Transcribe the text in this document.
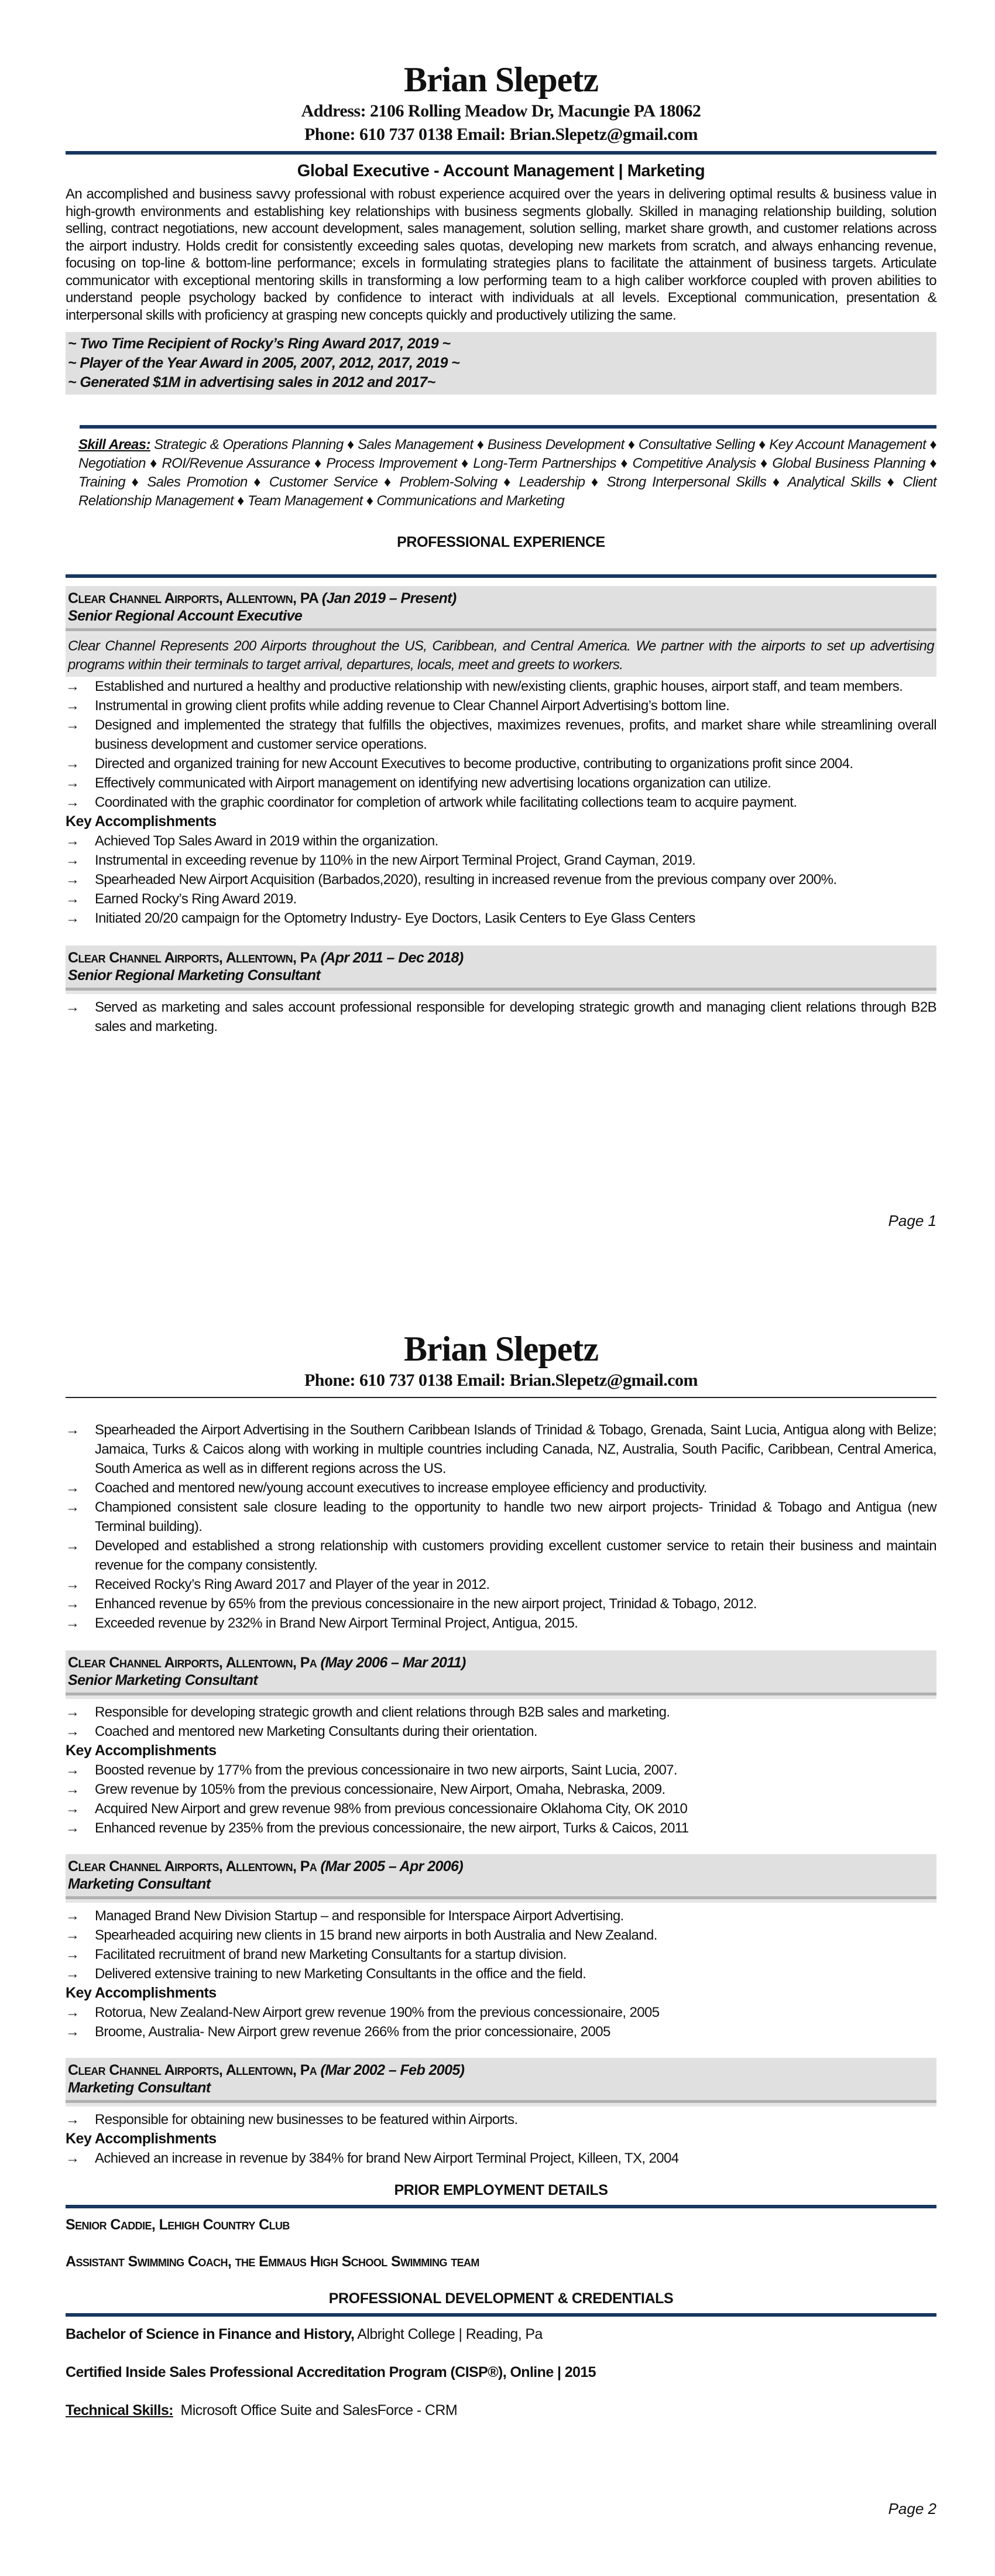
Brian Slepetz
Address: 2106 Rolling Meadow Dr, Macungie PA 18062
Phone: 610 737 0138 Email: Brian.Slepetz@gmail.com
Global Executive - Account Management | Marketing
An accomplished and business savvy professional with robust experience acquired over the years in delivering optimal results & business value in high-growth environments and establishing key relationships with business segments globally. Skilled in managing relationship building, solution selling, contract negotiations, new account development, sales management, solution selling, market share growth, and customer relations across the airport industry. Holds credit for consistently exceeding sales quotas, developing new markets from scratch, and always enhancing revenue, focusing on top-line & bottom-line performance; excels in formulating strategies plans to facilitate the attainment of business targets. Articulate communicator with exceptional mentoring skills in transforming a low performing team to a high caliber workforce coupled with proven abilities to understand people psychology backed by confidence to interact with individuals at all levels. Exceptional communication, presentation & interpersonal skills with proficiency at grasping new concepts quickly and productively utilizing the same.
~ Two Time Recipient of Rocky’s Ring Award 2017, 2019 ~
~ Player of the Year Award in 2005, 2007, 2012, 2017, 2019 ~
~ Generated $1M in advertising sales in 2012 and 2017~
Skill Areas: Strategic & Operations Planning ♦ Sales Management ♦ Business Development ♦ Consultative Selling ♦ Key Account Management ♦ Negotiation ♦ ROI/Revenue Assurance ♦ Process Improvement ♦ Long-Term Partnerships ♦ Competitive Analysis ♦ Global Business Planning ♦ Training ♦ Sales Promotion ♦ Customer Service ♦ Problem-Solving ♦ Leadership ♦ Strong Interpersonal Skills ♦ Analytical Skills ♦ Client Relationship Management ♦ Team Management ♦ Communications and Marketing
PROFESSIONAL EXPERIENCE
Clear Channel Airports, Allentown, PA (Jan 2019 – Present)
Senior Regional Account Executive
Clear Channel Represents 200 Airports throughout the US, Caribbean, and Central America. We partner with the airports to set up advertising programs within their terminals to target arrival, departures, locals, meet and greets to workers.
→ Established and nurtured a healthy and productive relationship with new/existing clients, graphic houses, airport staff, and team members.
→ Instrumental in growing client profits while adding revenue to Clear Channel Airport Advertising’s bottom line.
→ Designed and implemented the strategy that fulfills the objectives, maximizes revenues, profits, and market share while streamlining overall business development and customer service operations.
→ Directed and organized training for new Account Executives to become productive, contributing to organizations profit since 2004.
→ Effectively communicated with Airport management on identifying new advertising locations organization can utilize.
→ Coordinated with the graphic coordinator for completion of artwork while facilitating collections team to acquire payment.
Key Accomplishments
→ Achieved Top Sales Award in 2019 within the organization.
→ Instrumental in exceeding revenue by 110% in the new Airport Terminal Project, Grand Cayman, 2019.
→ Spearheaded New Airport Acquisition (Barbados,2020), resulting in increased revenue from the previous company over 200%.
→ Earned Rocky’s Ring Award 2019.
→ Initiated 20/20 campaign for the Optometry Industry- Eye Doctors, Lasik Centers to Eye Glass Centers
Clear Channel Airports, Allentown, Pa (Apr 2011 – Dec 2018)
Senior Regional Marketing Consultant
→ Served as marketing and sales account professional responsible for developing strategic growth and managing client relations through B2B sales and marketing.
Page 1
Brian Slepetz
Phone: 610 737 0138 Email: Brian.Slepetz@gmail.com
→ Spearheaded the Airport Advertising in the Southern Caribbean Islands of Trinidad & Tobago, Grenada, Saint Lucia, Antigua along with Belize; Jamaica, Turks & Caicos along with working in multiple countries including Canada, NZ, Australia, South Pacific, Caribbean, Central America, South America as well as in different regions across the US.
→ Coached and mentored new/young account executives to increase employee efficiency and productivity.
→ Championed consistent sale closure leading to the opportunity to handle two new airport projects- Trinidad & Tobago and Antigua (new Terminal building).
→ Developed and established a strong relationship with customers providing excellent customer service to retain their business and maintain revenue for the company consistently.
→ Received Rocky’s Ring Award 2017 and Player of the year in 2012.
→ Enhanced revenue by 65% from the previous concessionaire in the new airport project, Trinidad & Tobago, 2012.
→ Exceeded revenue by 232% in Brand New Airport Terminal Project, Antigua, 2015.
Clear Channel Airports, Allentown, Pa (May 2006 – Mar 2011)
Senior Marketing Consultant
→ Responsible for developing strategic growth and client relations through B2B sales and marketing.
→ Coached and mentored new Marketing Consultants during their orientation.
Key Accomplishments
→ Boosted revenue by 177% from the previous concessionaire in two new airports, Saint Lucia, 2007.
→ Grew revenue by 105% from the previous concessionaire, New Airport, Omaha, Nebraska, 2009.
→ Acquired New Airport and grew revenue 98% from previous concessionaire Oklahoma City, OK 2010
→ Enhanced revenue by 235% from the previous concessionaire, the new airport, Turks & Caicos, 2011
Clear Channel Airports, Allentown, Pa (Mar 2005 – Apr 2006)
Marketing Consultant
→ Managed Brand New Division Startup – and responsible for Interspace Airport Advertising.
→ Spearheaded acquiring new clients in 15 brand new airports in both Australia and New Zealand.
→ Facilitated recruitment of brand new Marketing Consultants for a startup division.
→ Delivered extensive training to new Marketing Consultants in the office and the field.
Key Accomplishments
→ Rotorua, New Zealand-New Airport grew revenue 190% from the previous concessionaire, 2005
→ Broome, Australia- New Airport grew revenue 266% from the prior concessionaire, 2005
Clear Channel Airports, Allentown, Pa (Mar 2002 – Feb 2005)
Marketing Consultant
→ Responsible for obtaining new businesses to be featured within Airports.
Key Accomplishments
→ Achieved an increase in revenue by 384% for brand New Airport Terminal Project, Killeen, TX, 2004
PRIOR EMPLOYMENT DETAILS
Senior Caddie, Lehigh Country Club
Assistant Swimming Coach, the Emmaus High School Swimming team
PROFESSIONAL DEVELOPMENT & CREDENTIALS
Bachelor of Science in Finance and History, Albright College | Reading, Pa
Certified Inside Sales Professional Accreditation Program (CISP®), Online | 2015
Technical Skills:  Microsoft Office Suite and SalesForce - CRM
Page 2
